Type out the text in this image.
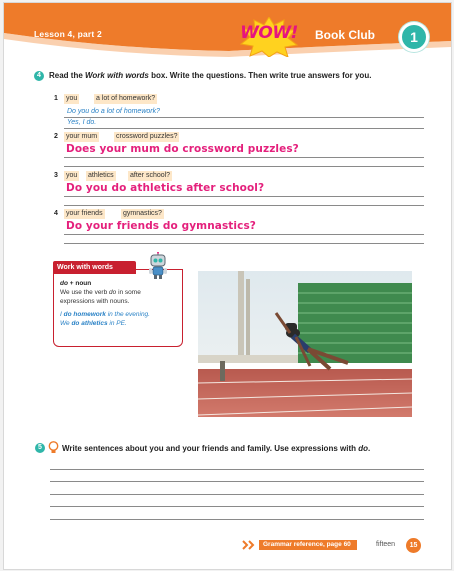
Lesson 4, part 2	WOW! Book Club	1
4	Read the Work with words box. Write the questions. Then write true answers for you.
1 you	a lot of homework?
Do you do a lot of homework?
Yes, I do.
2 your mum	crossword puzzles?
Does your mum do crossword puzzles?
3 you athletics after school?
Do you do athletics after school?
4 your friends	gymnastics?
Do your friends do gymnastics?
Work with words
do + noun
We use the verb do in some
expressions with nouns.
I do homework in the evening.
We do athletics in PE.
5	Write sentences about you and your friends and family. Use expressions with do.
Grammar reference, page 60	fifteen	15
